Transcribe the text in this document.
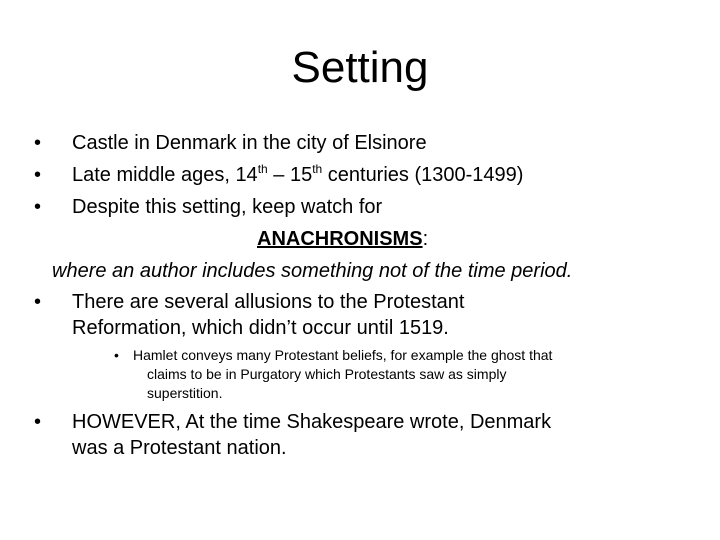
Setting
• Castle in Denmark in the city of Elsinore
• Late middle ages, 14th – 15th centuries (1300-1499)
• Despite this setting, keep watch for
ANACHRONISMS:
where an author includes something not of the time period.
• There are several allusions to the Protestant
Reformation, which didn’t occur until 1519.
• Hamlet conveys many Protestant beliefs, for example the ghost that
claims to be in Purgatory which Protestants saw as simply
superstition.
• HOWEVER, At the time Shakespeare wrote, Denmark
was a Protestant nation.
